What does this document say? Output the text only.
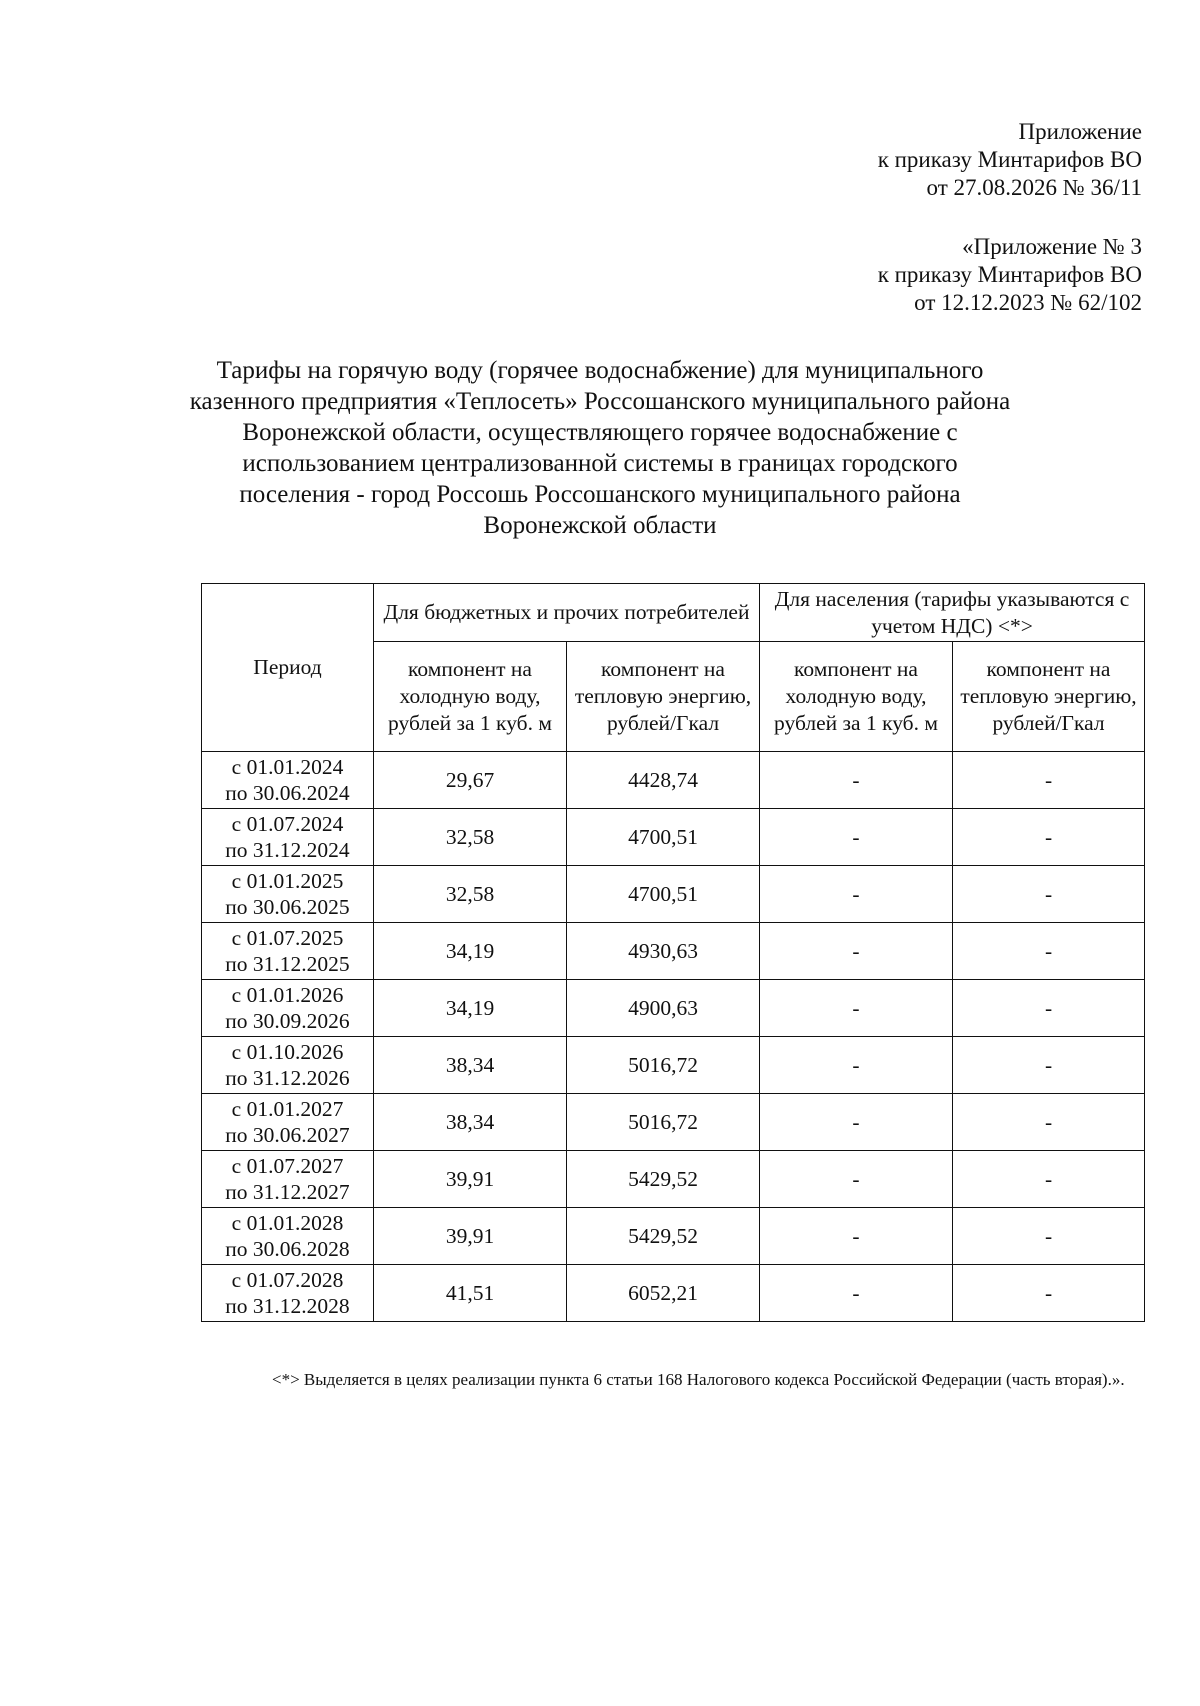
Приложение
к приказу Минтарифов ВО
от 27.08.2026 № 36/11
«Приложение № 3
к приказу Минтарифов ВО
от 12.12.2023 № 62/102
Тарифы на горячую воду (горячее водоснабжение) для муниципального
казенного предприятия «Теплосеть» Россошанского муниципального района
Воронежской области, осуществляющего горячее водоснабжение с
использованием централизованной системы в границах городского
поселения - город Россошь Россошанского муниципального района
Воронежской области
Период	Для бюджетных и прочих потребителей		Для населения (тарифы указываются с учетом НДС) <*>	
	компонент на холодную воду, рублей за 1 куб. м	компонент на тепловую энергию, рублей/Гкал	компонент на холодную воду, рублей за 1 куб. м	компонент на тепловую энергию, рублей/Гкал

с 01.01.2024
по 30.06.2024	29,67	4428,74	-	-

с 01.07.2024
по 31.12.2024	32,58	4700,51	-	-

с 01.01.2025
по 30.06.2025	32,58	4700,51	-	-

с 01.07.2025
по 31.12.2025	34,19	4930,63	-	-

с 01.01.2026
по 30.09.2026	34,19	4900,63	-	-

с 01.10.2026
по 31.12.2026	38,34	5016,72	-	-

с 01.01.2027
по 30.06.2027	38,34	5016,72	-	-

с 01.07.2027
по 31.12.2027	39,91	5429,52	-	-

с 01.01.2028
по 30.06.2028	39,91	5429,52	-	-

с 01.07.2028
по 31.12.2028	41,51	6052,21	-	-
<*> Выделяется в целях реализации пункта 6 статьи 168 Налогового кодекса Российской Федерации (часть вторая).».
